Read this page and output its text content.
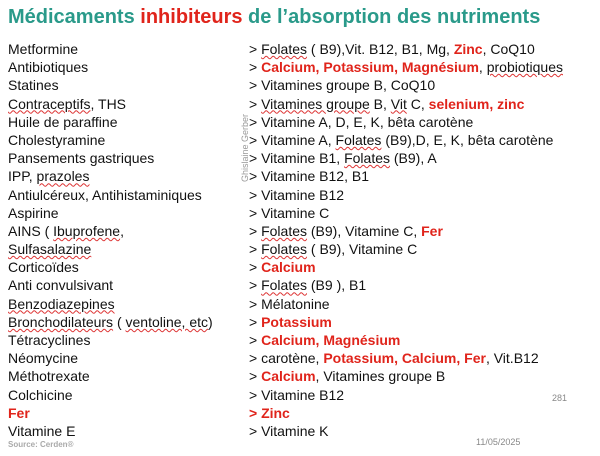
Médicaments inhibiteurs de l’absorption des nutriments
Metformine	> Folates ( B9),Vit. B12, B1, Mg, Zinc, CoQ10
Antibiotiques	> Calcium, Potassium, Magnésium, probiotiques
Statines	> Vitamines groupe B, CoQ10
Contraceptifs, THS	> Vitamines groupe B, Vit C, selenium, zinc
Huile de paraffine	> Vitamine A, D, E, K, bêta carotène
Cholestyramine	> Vitamine A, Folates (B9),D, E, K, bêta carotène
Pansements gastriques	> Vitamine B1, Folates (B9), A
IPP, prazoles	> Vitamine B12, B1
Antiulcéreux, Antihistaminiques	> Vitamine B12
Aspirine	> Vitamine C
AINS ( Ibuprofene,	> Folates (B9), Vitamine C, Fer
Sulfasalazine	> Folates ( B9), Vitamine C
Corticoïdes	> Calcium
Anti convulsivant	> Folates (B9 ), B1
Benzodiazepines	> Mélatonine
Bronchodilateurs ( ventoline, etc)	> Potassium
Tétracyclines	> Calcium, Magnésium
Néomycine	> carotène, Potassium, Calcium, Fer, Vit.B12
Méthotrexate	> Calcium, Vitamines groupe B
Colchicine	> Vitamine B12
Fer	> Zinc
Vitamine E	> Vitamine K
Ghislaine Gerber
Source: Cerden®
281
11/05/2025
